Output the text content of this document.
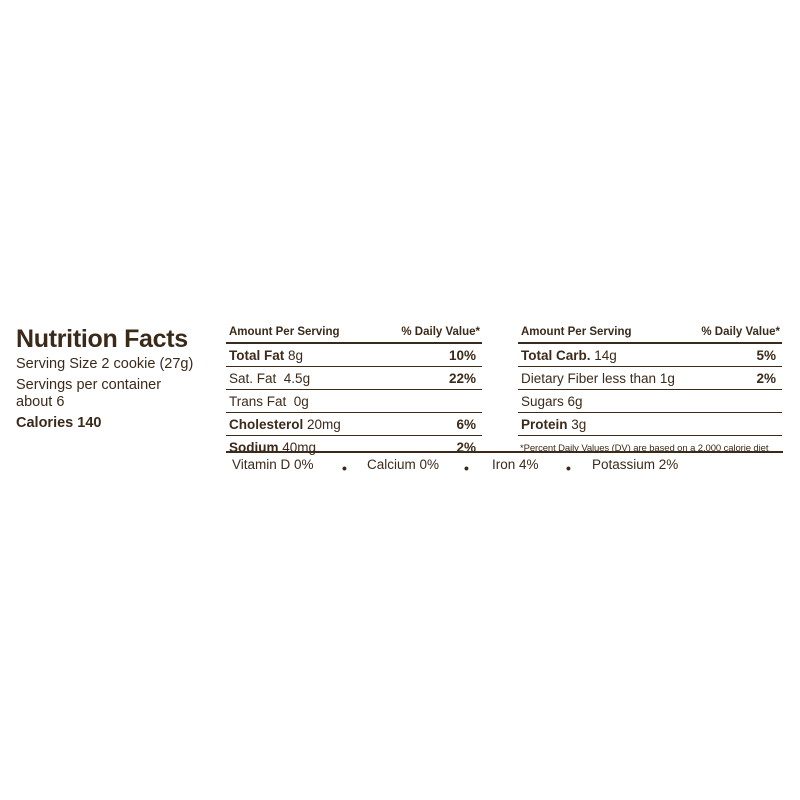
Nutrition Facts
Serving Size 2 cookie (27g)
Servings per container about 6
Calories 140
Amount Per Serving	% Daily Value*
Total Fat 8g	10%
Sat. Fat 4.5g	22%
Trans Fat 0g
Cholesterol 20mg	6%
Sodium 40mg	2%
Amount Per Serving	% Daily Value*
Total Carb. 14g	5%
Dietary Fiber less than 1g	2%
Sugars 6g
Protein 3g
*Percent Daily Values (DV) are based on a 2,000 calorie diet
Vitamin D 0% • Calcium 0% • Iron 4% • Potassium 2%
